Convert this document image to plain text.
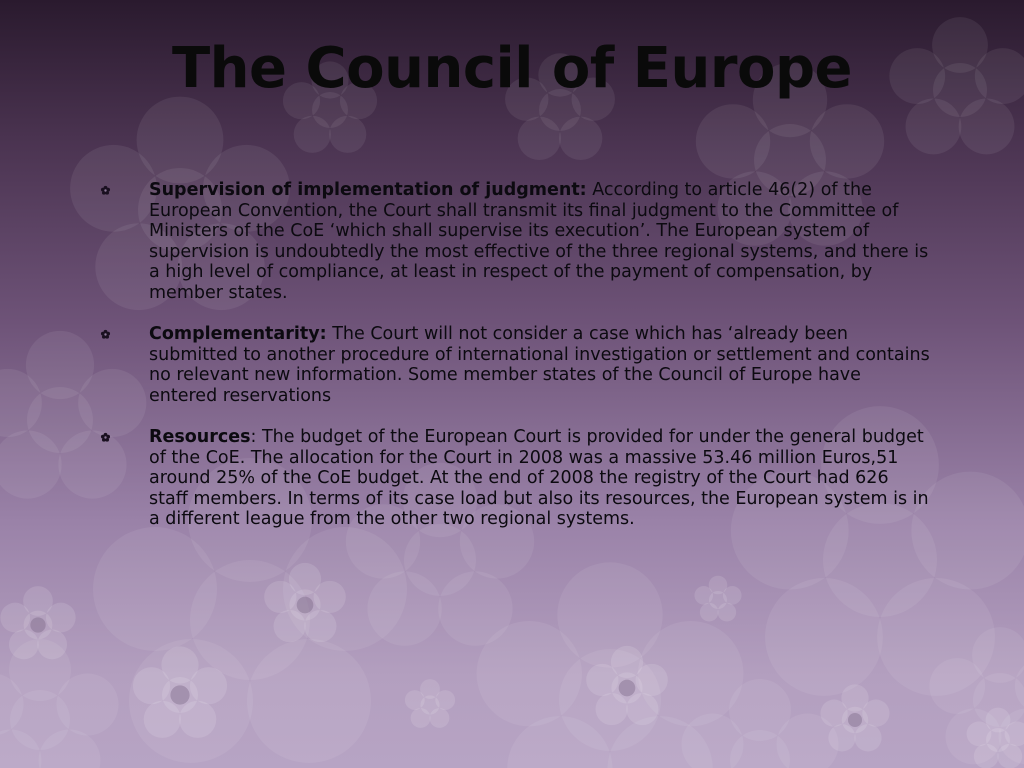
The Council of Europe
Supervision of implementation of judgment: According to article 46(2) of the European Convention, the Court shall transmit its final judgment to the Committee of Ministers of the CoE ‘which shall supervise its execution’. The European system of supervision is undoubtedly the most effective of the three regional systems, and there is a high level of compliance, at least in respect of the payment of compensation, by member states.
Complementarity: The Court will not consider a case which has ‘already been submitted to another procedure of international investigation or settlement and contains no relevant new information. Some member states of the Council of Europe have entered reservations
Resources: The budget of the European Court is provided for under the general budget of the CoE. The allocation for the Court in 2008 was a massive 53.46 million Euros,51 around 25% of the CoE budget. At the end of 2008 the registry of the Court had 626 staff members. In terms of its case load but also its resources, the European system is in a different league from the other two regional systems.
